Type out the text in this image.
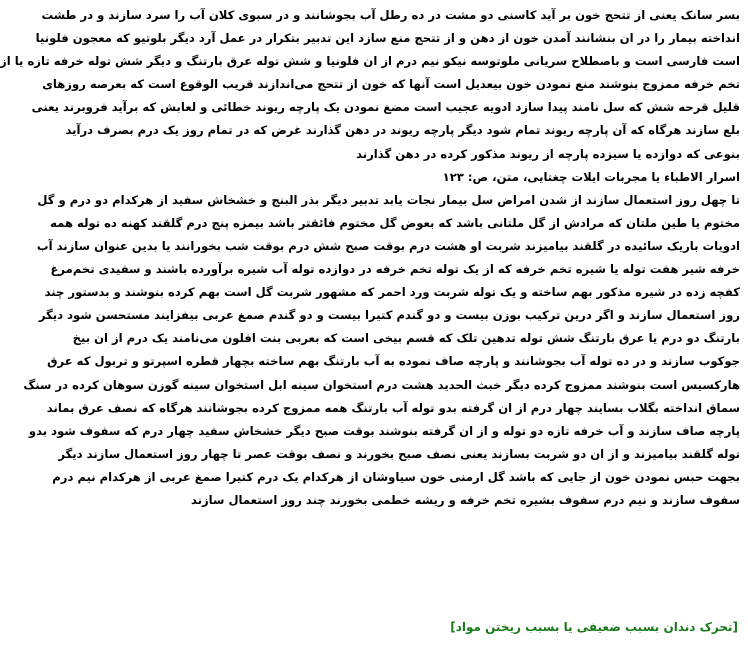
بسر سانک یعنی از تتحج خون بر آید کاسنی دو مشت در ده رطل آب بجوشانند و در سبوی کلان آب را سرد سازند و در طشت
انداخته بیمار را در ان بنشانند آمدن خون از دهن و از تتحج منع سازد این تدبیر بتکرار در عمل آرد دیگر بلوتیو که معجون فلونیا
است فارسی است و باصطلاح سریانی ملوتوسه نیکو نیم درم از ان فلونیا و شش توله عرق بارتنگ و دیگر شش توله خرفه تازه یا از
تخم خرفه ممزوج بنوشند منع نمودن خون بیعدیل است آنها که خون از تتحج می‌اندازند قریب الوقوع است که بعرصه روزهای
قلیل قرحه شش که سل نامند پیدا سازد ادویه عجیب است مضغ نمودن یک پارچه ریوند خطائی و لعابش که برآید فروبرند یعنی
بلع سازند هرگاه که آن پارچه ریوند تمام شود دیگر پارچه ریوند در دهن گذارند غرض که در تمام روز یک درم بصرف درآید
بنوعی که دوازده یا سیزده پارچه از ریوند مذکور کرده در دهن گذارند
اسرار الاطباء یا مجربات ایلات چغتایی، متن، ص: ۱۲۳
تا چهل روز استعمال سازند از شدن امراض سل بیمار نجات یابد تدبیر دیگر بذر البنج و خشخاش سفید از هرکدام دو درم و گل
مختوم یا طین ملتان که مرادش از گل ملتانی باشد که بعوض گل مختوم فائقتر باشد بیمزه پنج درم گلقند کهنه ده توله همه
ادویات باریک سائیده در گلقند بیامیزند شربت او هشت درم بوقت صبح شش درم بوقت شب بخورانند یا بدین عنوان سازند آب
خرفه شیر هفت توله یا شیره تخم خرفه که از یک توله تخم خرفه در دوازده توله آب شیره برآورده باشند و سفیدی تخم‌مرغ
کفچه زده در شیره مذکور بهم ساخته و یک توله شربت ورد احمر که مشهور شربت گل است بهم کرده بنوشند و بدستور چند
روز استعمال سازند و اگر درین ترکیب بوزن بیست و دو گندم کتیرا بیست و دو گندم صمغ عربی بیفزایند مستحسن شود دیگر
بارتنگ دو درم یا عرق بارتنگ شش توله تدهین تلک که قسم بیخی است که بعربی بنت افلون می‌نامند یک درم از ان بیخ
جوکوب سازند و در ده توله آب بجوشانند و پارچه صاف نموده به آب بارتنگ بهم ساخته بچهار قطره اسپرتو و تربول که عرق
هارکسیس است بنوشند ممزوج کرده دیگر خبث الحدید هشت درم استخوان سینه ابل استخوان سینه گوزن سوهان کرده در سنگ
سماق انداخته بگلاب بسایند چهار درم از ان گرفته بدو توله آب بارتنگ همه ممزوج کرده بجوشانند هرگاه که نصف عرق بماند
پارچه صاف سازند و آب خرفه تازه دو توله و از ان گرفته بنوشند بوقت صبح دیگر خشخاش سفید چهار درم که سفوف شود بدو
توله گلقند بیامیزند و از ان دو شربت بسازند یعنی نصف صبح بخورند و نصف بوقت عصر تا چهار روز استعمال سازند دیگر
بجهت حبس نمودن خون از جایی که باشد گل ارمنی خون سیاوشان از هرکدام یک درم کتیرا صمغ عربی از هرکدام نیم درم
سفوف سازند و نیم درم سفوف بشیره تخم خرفه و ریشه خطمی بخورند چند روز استعمال سازند
[تحرک دندان بسبب ضعیفی یا بسبب ریختن مواد]
